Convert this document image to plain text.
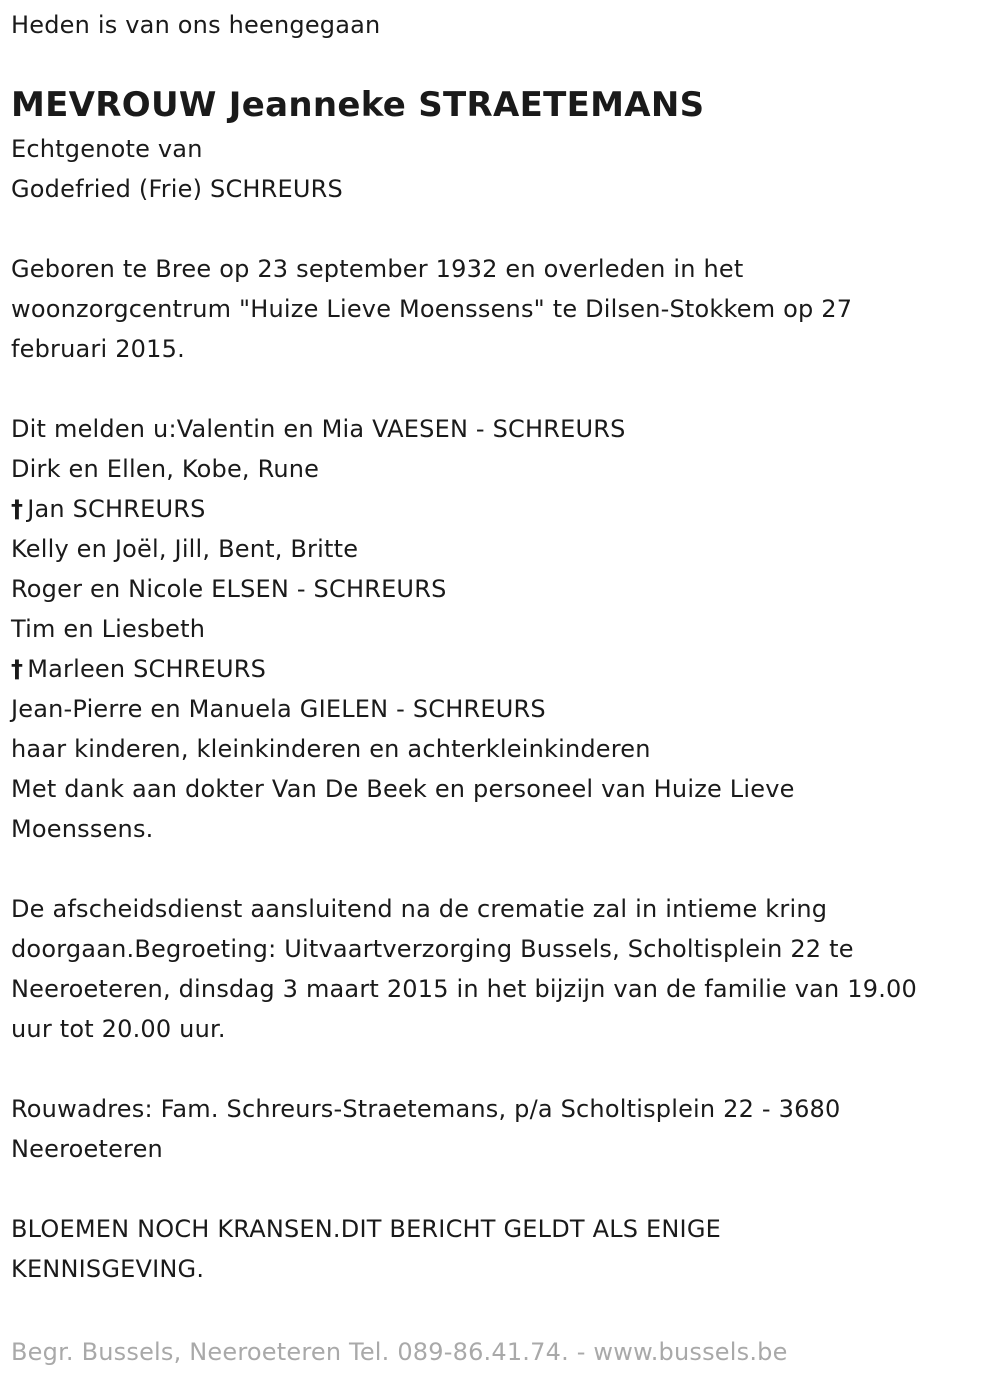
Heden is van ons heengegaan
MEVROUW Jeanneke STRAETEMANS
Echtgenote van
Godefried (Frie) SCHREURS
Geboren te Bree op 23 september 1932 en overleden in het
woonzorgcentrum "Huize Lieve Moenssens" te Dilsen-Stokkem op 27
februari 2015.
Dit melden u:Valentin en Mia VAESEN - SCHREURS
Dirk en Ellen, Kobe, Rune
† Jan SCHREURS
Kelly en Joël, Jill, Bent, Britte
Roger en Nicole ELSEN - SCHREURS
Tim en Liesbeth
† Marleen SCHREURS
Jean-Pierre en Manuela GIELEN - SCHREURS
haar kinderen, kleinkinderen en achterkleinkinderen
Met dank aan dokter Van De Beek en personeel van Huize Lieve
Moenssens.
De afscheidsdienst aansluitend na de crematie zal in intieme kring
doorgaan.Begroeting: Uitvaartverzorging Bussels, Scholtisplein 22 te
Neeroeteren, dinsdag 3 maart 2015 in het bijzijn van de familie van 19.00
uur tot 20.00 uur.
Rouwadres: Fam. Schreurs-Straetemans, p/a Scholtisplein 22 - 3680
Neeroeteren
BLOEMEN NOCH KRANSEN.DIT BERICHT GELDT ALS ENIGE
KENNISGEVING.
Begr. Bussels, Neeroeteren Tel. 089-86.41.74. - www.bussels.be
